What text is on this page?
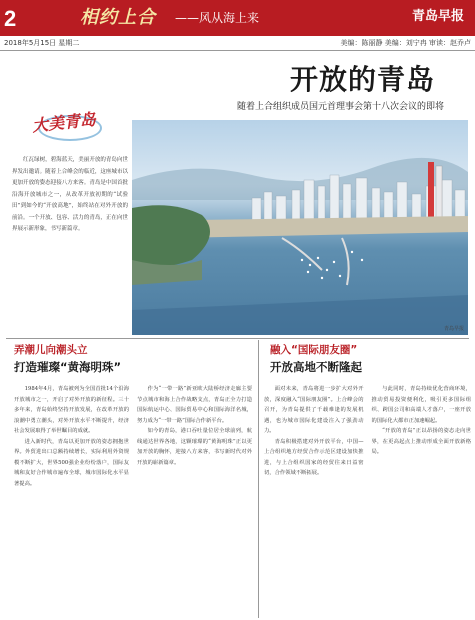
2	相约上合 ——风从海上来	青岛早报
2018年5月15日 星期二	美编：陈丽静 美编：刘宁冉 审读：赵乔卢
开放的青岛
随着上合组织成员国元首理事会第十八次会议的即将
大美青岛
红瓦绿树，碧海蓝天，美丽开放的青岛向世界发出邀请。随着上合峰会的临近，这座城市以更加开放的姿态迎接八方来客。青岛是中国首批沿海开放城市之一，从改革开放初期的“试验田”到如今的“开放高地”，始终站在对外开放的前沿。一个开放、包容、活力的青岛，正在向世界展示新形象，书写新篇章。
青岛早报
弄潮儿向潮头立
打造璀璨“黄海明珠”

1984年4月，青岛被列为全国首批14个沿海开放城市之一，开启了对外开放的新征程。三十多年来，青岛始终坚持开放发展，在改革开放的浪潮中勇立潮头，对外开放水平不断提升，经济社会发展取得了举世瞩目的成就。

进入新时代，青岛以更加开放的姿态拥抱世界。外贸进出口总额持续增长，实际利用外资规模不断扩大，世界500强企业纷纷落户，国际友城和友好合作城市遍布全球，城市国际化水平显著提高。

作为“一带一路”新亚欧大陆桥经济走廊主要节点城市和海上合作战略支点，青岛正全力打造国际航运中心、国际贸易中心和国际海洋名城，努力成为“一带一路”国际合作新平台。

如今的青岛，港口吞吐量位居全球前列，航线通达世界各地，这颗璀璨的“黄海明珠”正以更加开放的胸怀，迎接八方来客，书写新时代对外开放的崭新篇章。

融入“国际朋友圈”
开放高地不断隆起

面对未来，青岛将进一步扩大对外开放，深度融入“国际朋友圈”。上合峰会的召开，为青岛提供了千载难逢的发展机遇，也为城市国际化建设注入了强劲动力。

青岛积极搭建对外开放平台，中国—上合组织地方经贸合作示范区建设加快推进，与上合组织国家的经贸往来日益密切，合作领域不断拓展。

与此同时，青岛持续优化营商环境，推动贸易投资便利化，吸引更多国际组织、跨国公司和高端人才落户，一座开放的国际化大都市正加速崛起。

“开放的青岛”正以昂扬的姿态走向世界，在更高起点上推动形成全面开放新格局。
